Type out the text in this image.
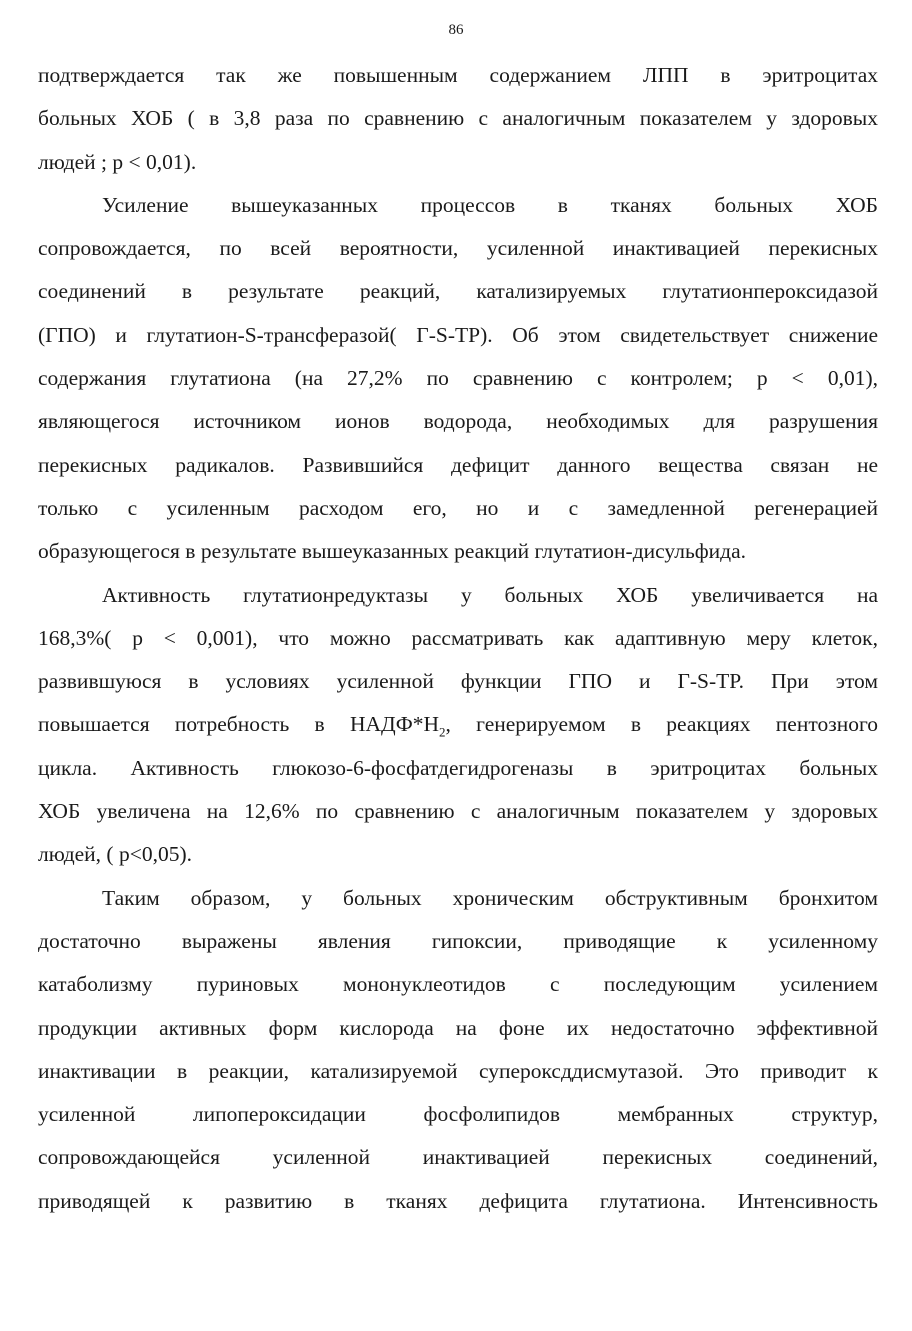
86
подтверждается так же повышенным содержанием ЛПП в эритроцитах
больных ХОБ ( в 3,8 раза по сравнению с аналогичным показателем у здоровых
людей ; р < 0,01).
Усиление вышеуказанных процессов в тканях больных ХОБ
сопровождается, по всей вероятности, усиленной инактивацией перекисных
соединений в результате реакций, катализируемых глутатионпероксидазой
(ГПО) и глутатион-S-трансферазой( Г-S-ТР). Об этом свидетельствует снижение
содержания глутатиона (на 27,2% по сравнению с контролем; р < 0,01),
являющегося источником ионов водорода, необходимых для разрушения
перекисных радикалов. Развившийся дефицит данного вещества связан не
только с усиленным расходом его, но и с замедленной регенерацией
образующегося в результате вышеуказанных реакций глутатион-дисульфида.
Активность глутатионредуктазы у больных ХОБ увеличивается на
168,3%( р < 0,001), что можно рассматривать как адаптивную меру клеток,
развившуюся в условиях усиленной функции ГПО и Г-S-ТР. При этом
повышается потребность в $НАДФ*Н_2$, генерируемом в реакциях пентозного
цикла. Активность глюкозо-6-фосфатдегидрогеназы в эритроцитах больных
ХОБ увеличена на 12,6% по сравнению с аналогичным показателем у здоровых
людей, ( р<0,05).
Таким образом, у больных хроническим обструктивным бронхитом
достаточно выражены явления гипоксии, приводящие к усиленному
катаболизму пуриновых мононуклеотидов с последующим усилением
продукции активных форм кислорода на фоне их недостаточно эффективной
инактивации в реакции, катализируемой супероксддисмутазой. Это приводит к
усиленной липопероксидации фосфолипидов мембранных структур,
сопровождающейся усиленной инактивацией перекисных соединений,
приводящей к развитию в тканях дефицита глутатиона. Интенсивность
